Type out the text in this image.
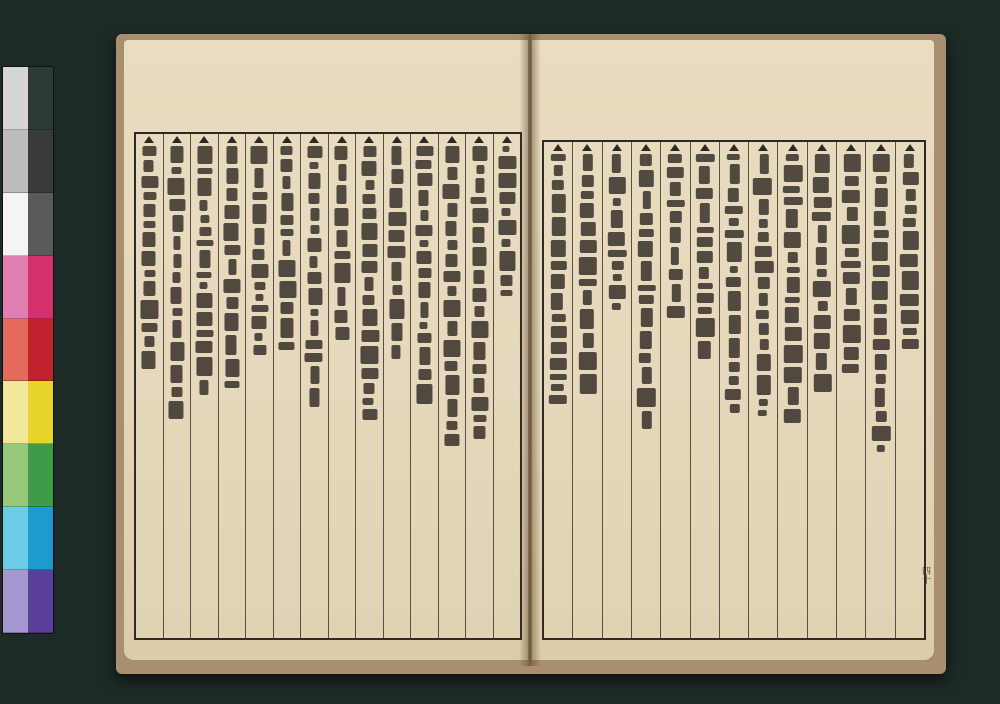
四十
